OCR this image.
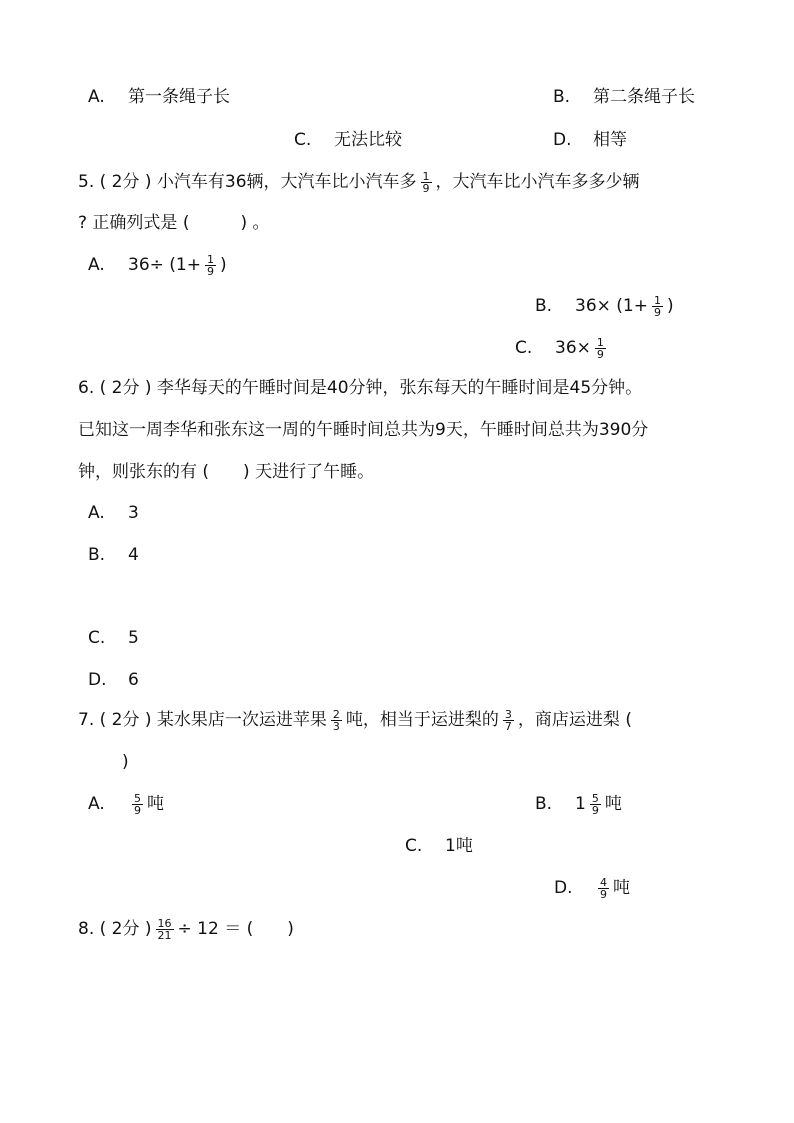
A. 第一条绳子长	B. 第二条绳子长
C. 无法比较	D. 相等
5. ( 2分 ) 小汽车有36辆，大汽车比小汽车多 $\frac{1}{9}$ ，大汽车比小汽车多多少辆
? 正确列式是 (　　　) 。
A. $36\div (1+ \frac{1}{9}$ )
B. $36\times (1+ \frac{1}{9}$ )
C. $36\times \frac{1}{9}$
6. ( 2分 ) 李华每天的午睡时间是40分钟，张东每天的午睡时间是45分钟。
已知这一周李华和张东这一周的午睡时间总共为9天，午睡时间总共为390分
钟，则张东的有 (　　) 天进行了午睡。
A. 3
B. 4
C. 5
D. 6
7. ( 2分 ) 某水果店一次运进苹果 $\frac{2}{3}$ 吨，相当于运进梨的 $\frac{3}{7}$ ，商店运进梨 (
)
A. $\frac{5}{9}$ 吨	B. $1 \frac{5}{9}$ 吨
C. 1吨
D. $\frac{4}{9}$ 吨
8. ( 2分 ) $\frac{16}{21} \div 12$ ＝ (　　)
